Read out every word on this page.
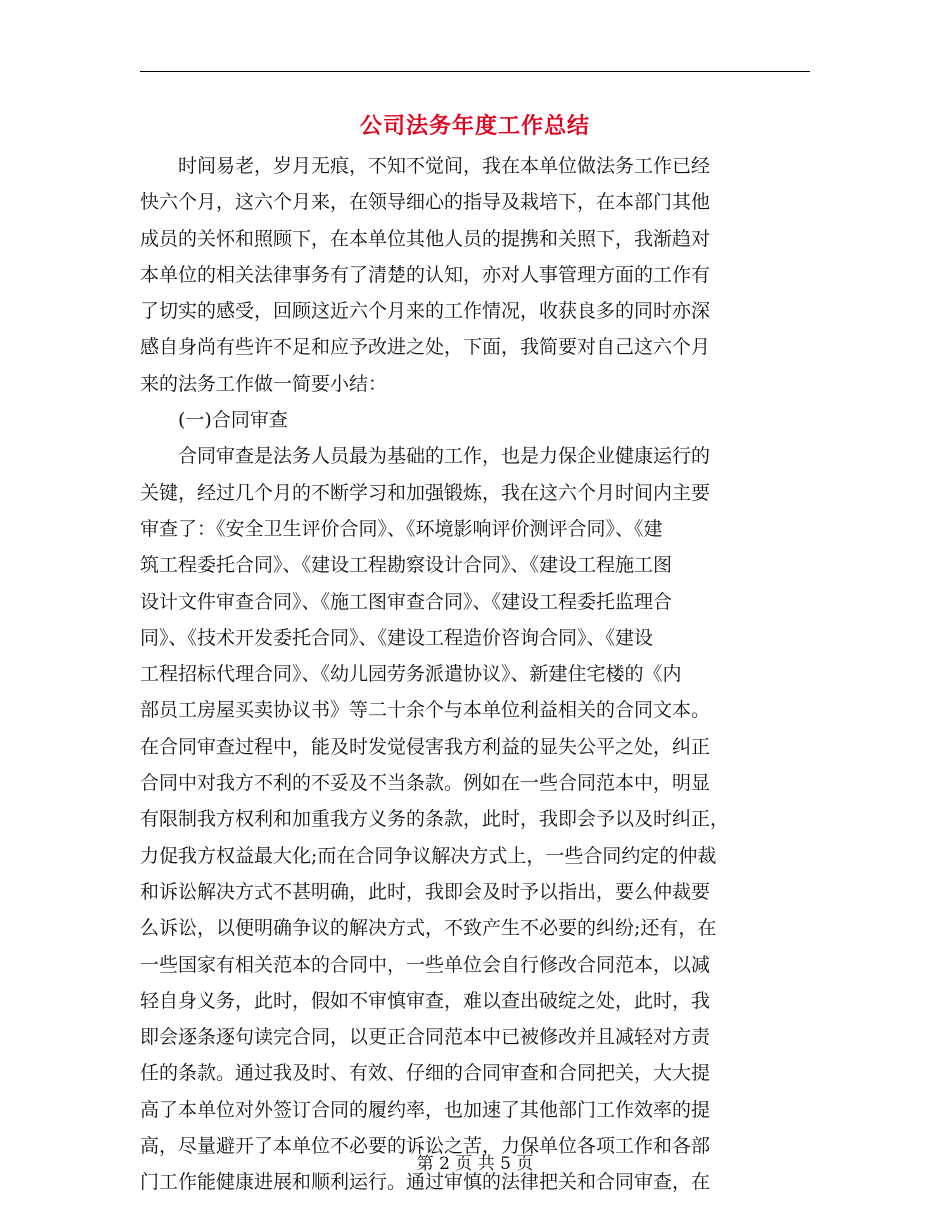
公司法务年度工作总结
　　时间易老，岁月无痕，不知不觉间，我在本单位做法务工作已经
快六个月，这六个月来，在领导细心的指导及栽培下，在本部门其他
成员的关怀和照顾下，在本单位其他人员的提携和关照下，我渐趋对
本单位的相关法律事务有了清楚的认知，亦对人事管理方面的工作有
了切实的感受，回顾这近六个月来的工作情况，收获良多的同时亦深
感自身尚有些许不足和应予改进之处，下面，我简要对自己这六个月
来的法务工作做一简要小结：
　　(一)合同审查
　　合同审查是法务人员最为基础的工作，也是力保企业健康运行的
关键，经过几个月的不断学习和加强锻炼，我在这六个月时间内主要
审查了：《安全卫生评价合同》、《环境影响评价测评合同》、《建
筑工程委托合同》、《建设工程勘察设计合同》、《建设工程施工图
设计文件审查合同》、《施工图审查合同》、《建设工程委托监理合
同》、《技术开发委托合同》、《建设工程造价咨询合同》、《建设
工程招标代理合同》、《幼儿园劳务派遣协议》、新建住宅楼的《内
部员工房屋买卖协议书》等二十余个与本单位利益相关的合同文本。
在合同审查过程中，能及时发觉侵害我方利益的显失公平之处，纠正
合同中对我方不利的不妥及不当条款。例如在一些合同范本中，明显
有限制我方权利和加重我方义务的条款，此时，我即会予以及时纠正，
力促我方权益最大化;而在合同争议解决方式上，一些合同约定的仲裁
和诉讼解决方式不甚明确，此时，我即会及时予以指出，要么仲裁要
么诉讼，以便明确争议的解决方式，不致产生不必要的纠纷;还有，在
一些国家有相关范本的合同中，一些单位会自行修改合同范本，以减
轻自身义务，此时，假如不审慎审查，难以查出破绽之处，此时，我
即会逐条逐句读完合同，以更正合同范本中已被修改并且减轻对方责
任的条款。通过我及时、有效、仔细的合同审查和合同把关，大大提
高了本单位对外签订合同的履约率，也加速了其他部门工作效率的提
高，尽量避开了本单位不必要的诉讼之苦，力保单位各项工作和各部
门工作能健康进展和顺利运行。通过审慎的法律把关和合同审查，在
第 2 页 共 5 页
